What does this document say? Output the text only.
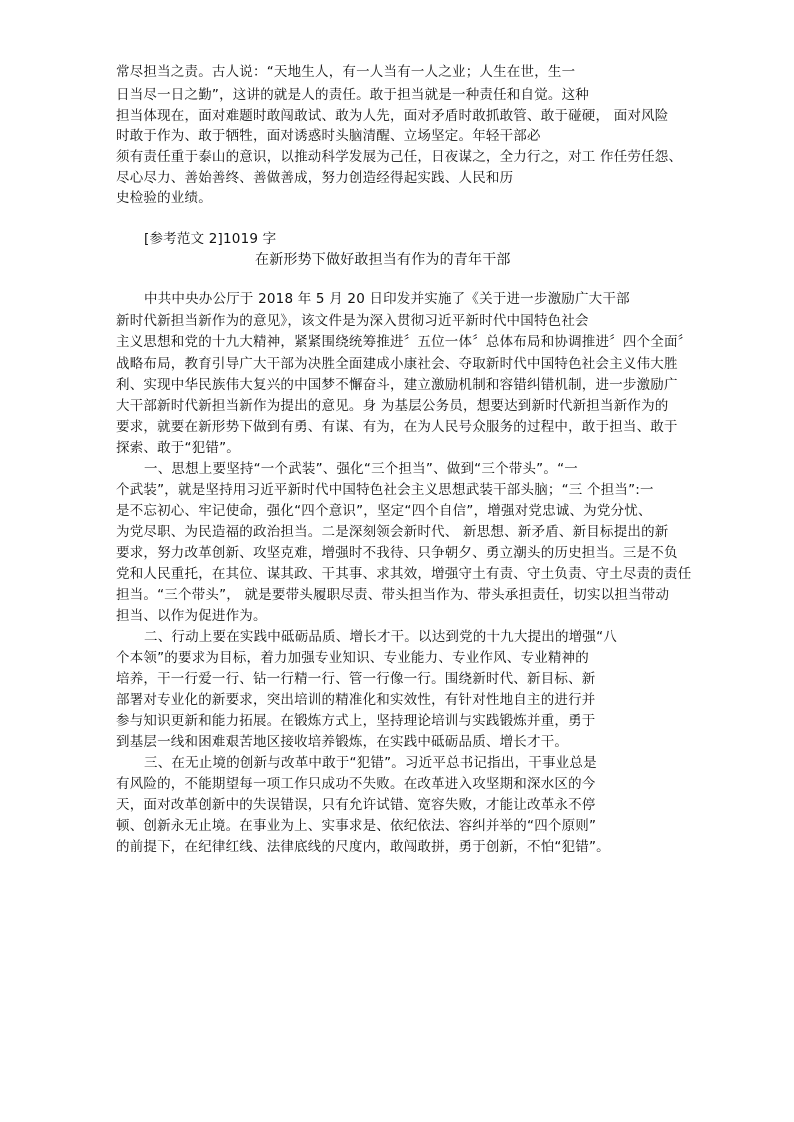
常尽担当之责。古人说：“天地生人，有一人当有一人之业；人生在世，生一
日当尽一日之勤”，这讲的就是人的责任。敢于担当就是一种责任和自觉。这种
担当体现在，面对难题时敢闯敢试、敢为人先，面对矛盾时敢抓敢管、敢于碰硬， 面对风险
时敢于作为、敢于牺牲，面对诱惑时头脑清醒、立场坚定。年轻干部必
须有责任重于泰山的意识，以推动科学发展为己任，日夜谋之，全力行之，对工 作任劳任怨、
尽心尽力、善始善终、善做善成，努力创造经得起实践、人民和历
史检验的业绩。
[参考范文 2]1019 字
在新形势下做好敢担当有作为的青年干部
中共中央办公厅于 2018 年 5 月 20 日印发并实施了《关于进一步激励广大干部
新时代新担当新作为的意见》，该文件是为深入贯彻习近平新时代中国特色社会
主义思想和党的十九大精神，紧紧围绕统筹推进〞五位一体〞总体布局和协调推进〞四个全面〞
战略布局，教育引导广大干部为决胜全面建成小康社会、夺取新时代中国特色社会主义伟大胜
利、实现中华民族伟大复兴的中国梦不懈奋斗，建立激励机制和容错纠错机制，进一步激励广
大干部新时代新担当新作为提出的意见。身 为基层公务员，想要达到新时代新担当新作为的
要求，就要在新形势下做到有勇、有谋、有为，在为人民号众服务的过程中，敢于担当、敢于
探索、敢于“犯错”。
一、思想上要坚持“一个武装”、强化“三个担当”、做到“三个带头”。“一
个武装”，就是坚持用习近平新时代中国特色社会主义思想武装干部头脑；“三 个担当”:一
是不忘初心、牢记使命，强化“四个意识”，坚定“四个自信”，增强对党忠诚、为党分忧、
为党尽职、为民造福的政治担当。二是深刻领会新时代、 新思想、新矛盾、新目标提出的新
要求，努力改革创新、攻坚克难，增强时不我待、只争朝夕、勇立潮头的历史担当。三是不负
党和人民重托，在其位、谋其政、干其事、求其效，增强守土有责、守土负责、守土尽责的责任
担当。“三个带头”， 就是要带头履职尽责、带头担当作为、带头承担责任，切实以担当带动
担当、以作为促进作为。
二、行动上要在实践中砥砺品质、增长才干。以达到党的十九大提出的增强“八
个本领”的要求为目标，着力加强专业知识、专业能力、专业作风、专业精神的
培养，干一行爱一行、钻一行精一行、管一行像一行。围绕新时代、新目标、新
部署对专业化的新要求，突出培训的精准化和实效性，有针对性地自主的进行并
参与知识更新和能力拓展。在锻炼方式上，坚持理论培训与实践锻炼并重，勇于
到基层一线和困难艰苦地区接收培养锻炼，在实践中砥砺品质、增长才干。
三、在无止境的创新与改革中敢于“犯错”。习近平总书记指出，干事业总是
有风险的，不能期望每一项工作只成功不失败。在改革进入攻坚期和深水区的今
天，面对改革创新中的失误错误，只有允许试错、宽容失败，才能让改革永不停
顿、创新永无止境。在事业为上、实事求是、依纪依法、容纠并举的“四个原则”
的前提下，在纪律红线、法律底线的尺度内，敢闯敢拼，勇于创新，不怕“犯错”。
